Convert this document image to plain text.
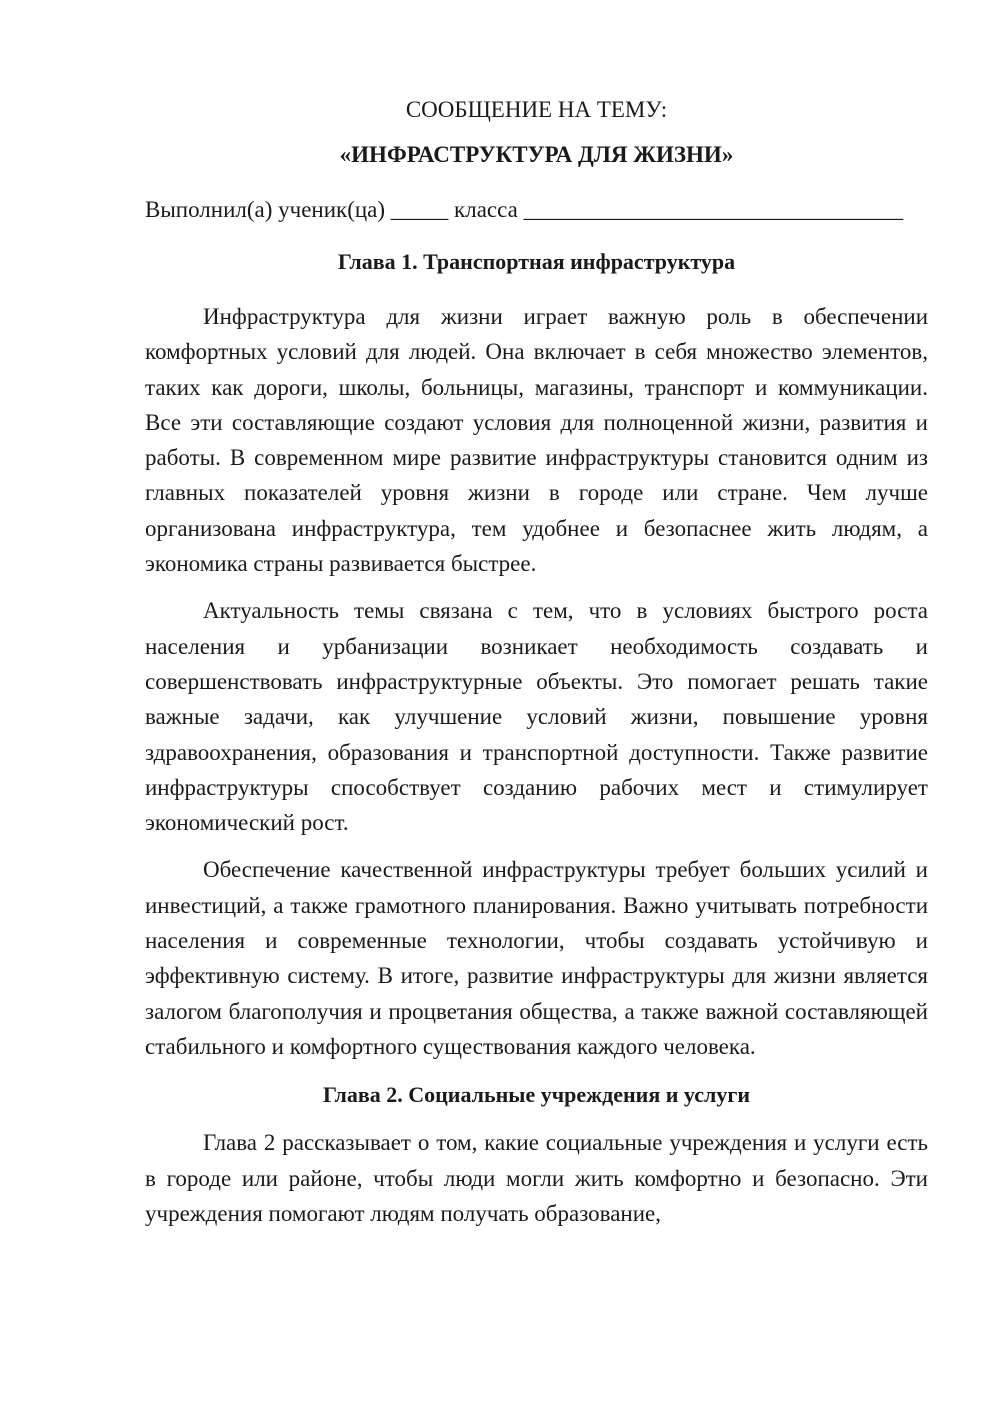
СООБЩЕНИЕ НА ТЕМУ:

«ИНФРАСТРУКТУРА ДЛЯ ЖИЗНИ»

Выполнил(а) ученик(ца) _____ класса _________________________________

Глава 1. Транспортная инфраструктура

Инфраструктура для жизни играет важную роль в обеспечении комфортных условий для людей. Она включает в себя множество элементов, таких как дороги, школы, больницы, магазины, транспорт и коммуникации. Все эти составляющие создают условия для полноценной жизни, развития и работы. В современном мире развитие инфраструктуры становится одним из главных показателей уровня жизни в городе или стране. Чем лучше организована инфраструктура, тем удобнее и безопаснее жить людям, а экономика страны развивается быстрее.

Актуальность темы связана с тем, что в условиях быстрого роста населения и урбанизации возникает необходимость создавать и совершенствовать инфраструктурные объекты. Это помогает решать такие важные задачи, как улучшение условий жизни, повышение уровня здравоохранения, образования и транспортной доступности. Также развитие инфраструктуры способствует созданию рабочих мест и стимулирует экономический рост.

Обеспечение качественной инфраструктуры требует больших усилий и инвестиций, а также грамотного планирования. Важно учитывать потребности населения и современные технологии, чтобы создавать устойчивую и эффективную систему. В итоге, развитие инфраструктуры для жизни является залогом благополучия и процветания общества, а также важной составляющей стабильного и комфортного существования каждого человека.

Глава 2. Социальные учреждения и услуги

Глава 2 рассказывает о том, какие социальные учреждения и услуги есть в городе или районе, чтобы люди могли жить комфортно и безопасно. Эти учреждения помогают людям получать образование,
